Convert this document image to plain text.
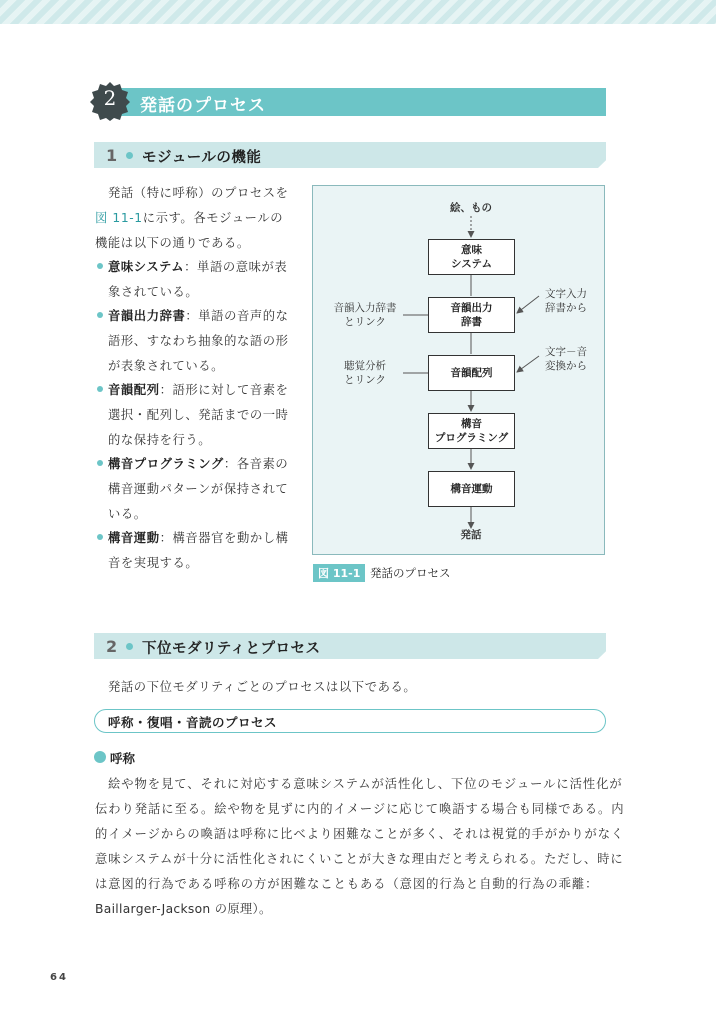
2	発話のプロセス
1 モジュールの機能
発話（特に呼称）のプロセスを
図 11-1に示す。各モジュールの
機能は以下の通りである。
意味システム：単語の意味が表
象されている。
音韻出力辞書：単語の音声的な
語形、すなわち抽象的な語の形
が表象されている。
音韻配列：語形に対して音素を
選択・配列し、発話までの一時
的な保持を行う。
構音プログラミング：各音素の
構音運動パターンが保持されて
いる。
構音運動：構音器官を動かし構
音を実現する。
絵、もの
意味
システム
音韻出力
辞書
音韻配列
構音
プログラミング
構音運動
発話
音韻入力辞書
とリンク
聴覚分析
とリンク
文字入力
辞書から
文字－音
変換から
図 11-1 発話のプロセス
2 下位モダリティとプロセス
発話の下位モダリティごとのプロセスは以下である。
呼称・復唱・音読のプロセス
呼称
絵や物を見て、それに対応する意味システムが活性化し、下位のモジュールに活性化が
伝わり発話に至る。絵や物を見ずに内的イメージに応じて喚語する場合も同様である。内
的イメージからの喚語は呼称に比べより困難なことが多く、それは視覚的手がかりがなく
意味システムが十分に活性化されにくいことが大きな理由だと考えられる。ただし、時に
は意図的行為である呼称の方が困難なこともある（意図的行為と自動的行為の乖離：
Baillarger-Jackson の原理）。
64
